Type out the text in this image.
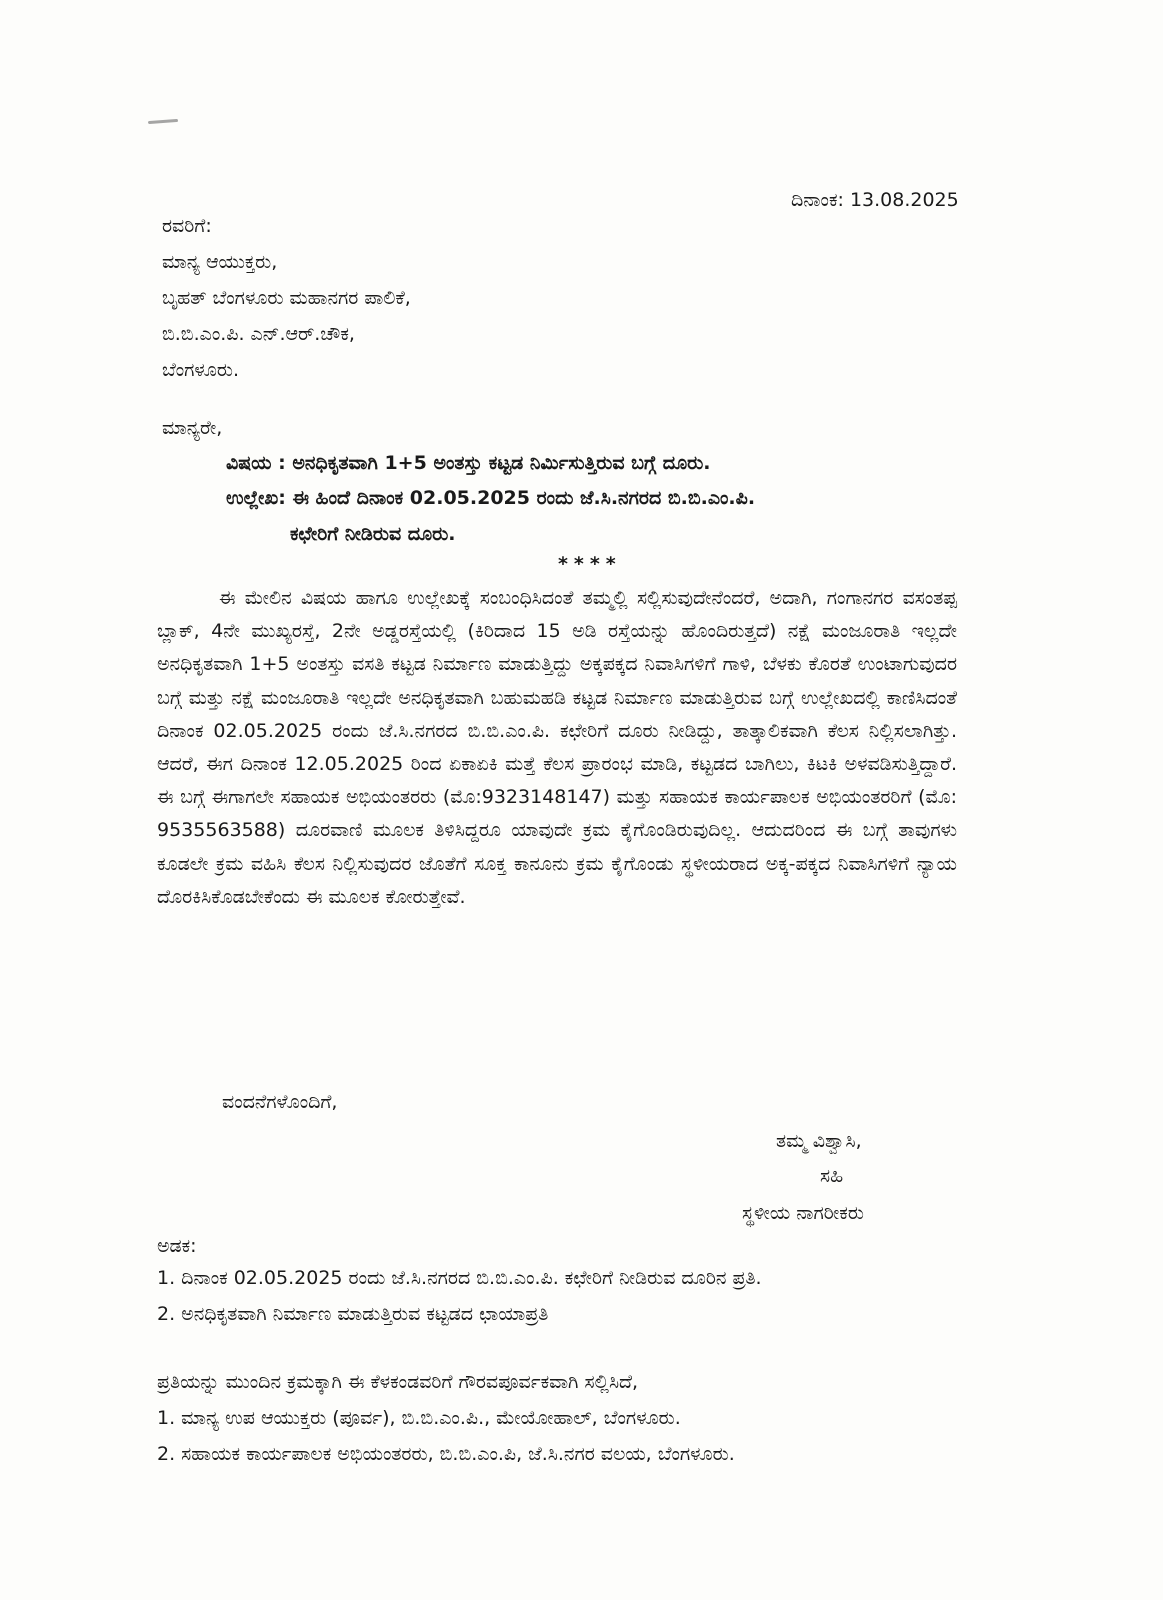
ದಿನಾಂಕ: 13.08.2025
ರವರಿಗೆ:
ಮಾನ್ಯ ಆಯುಕ್ತರು,
ಬೃಹತ್ ಬೆಂಗಳೂರು ಮಹಾನಗರ ಪಾಲಿಕೆ,
ಬಿ.ಬಿ.ಎಂ.ಪಿ. ಎನ್.ಆರ್.ಚೌಕ,
ಬೆಂಗಳೂರು.
ಮಾನ್ಯರೇ,
ವಿಷಯ : ಅನಧಿಕೃತವಾಗಿ 1+5 ಅಂತಸ್ತು ಕಟ್ಟಡ ನಿರ್ಮಿಸುತ್ತಿರುವ ಬಗ್ಗೆ ದೂರು.
ಉಲ್ಲೇಖ: ಈ ಹಿಂದೆ ದಿನಾಂಕ 02.05.2025 ರಂದು ಜೆ.ಸಿ.ನಗರದ ಬಿ.ಬಿ.ಎಂ.ಪಿ.
ಕಛೇರಿಗೆ ನೀಡಿರುವ ದೂರು.
****

ಈ ಮೇಲಿನ ವಿಷಯ ಹಾಗೂ ಉಲ್ಲೇಖಕ್ಕೆ ಸಂಬಂಧಿಸಿದಂತೆ ತಮ್ಮಲ್ಲಿ ಸಲ್ಲಿಸುವುದೇನೆಂದರೆ, ಅದಾಗಿ, ಗಂಗಾನಗರ ವಸಂತಪ್ಪ ಬ್ಲಾಕ್, 4ನೇ ಮುಖ್ಯರಸ್ತೆ, 2ನೇ ಅಡ್ಡರಸ್ತೆಯಲ್ಲಿ (ಕಿರಿದಾದ 15 ಅಡಿ ರಸ್ತೆಯನ್ನು ಹೊಂದಿರುತ್ತದೆ) ನಕ್ಷೆ ಮಂಜೂರಾತಿ ಇಲ್ಲದೇ ಅನಧಿಕೃತವಾಗಿ 1+5 ಅಂತಸ್ತು ವಸತಿ ಕಟ್ಟಡ ನಿರ್ಮಾಣ ಮಾಡುತ್ತಿದ್ದು ಅಕ್ಕಪಕ್ಕದ ನಿವಾಸಿಗಳಿಗೆ ಗಾಳಿ, ಬೆಳಕು ಕೊರತೆ ಉಂಟಾಗುವುದರ ಬಗ್ಗೆ ಮತ್ತು ನಕ್ಷೆ ಮಂಜೂರಾತಿ ಇಲ್ಲದೇ ಅನಧಿಕೃತವಾಗಿ ಬಹುಮಹಡಿ ಕಟ್ಟಡ ನಿರ್ಮಾಣ ಮಾಡುತ್ತಿರುವ ಬಗ್ಗೆ ಉಲ್ಲೇಖದಲ್ಲಿ ಕಾಣಿಸಿದಂತೆ ದಿನಾಂಕ 02.05.2025 ರಂದು ಜೆ.ಸಿ.ನಗರದ ಬಿ.ಬಿ.ಎಂ.ಪಿ. ಕಛೇರಿಗೆ ದೂರು ನೀಡಿದ್ದು, ತಾತ್ಕಾಲಿಕವಾಗಿ ಕೆಲಸ ನಿಲ್ಲಿಸಲಾಗಿತ್ತು. ಆದರೆ, ಈಗ ದಿನಾಂಕ 12.05.2025 ರಿಂದ ಏಕಾಏಕಿ ಮತ್ತೆ ಕೆಲಸ ಪ್ರಾರಂಭ ಮಾಡಿ, ಕಟ್ಟಡದ ಬಾಗಿಲು, ಕಿಟಕಿ ಅಳವಡಿಸುತ್ತಿದ್ದಾರೆ. ಈ ಬಗ್ಗೆ ಈಗಾಗಲೇ ಸಹಾಯಕ ಅಭಿಯಂತರರು (ಮೊ:9323148147) ಮತ್ತು ಸಹಾಯಕ ಕಾರ್ಯಪಾಲಕ ಅಭಿಯಂತರರಿಗೆ (ಮೊ: 9535563588) ದೂರವಾಣಿ ಮೂಲಕ ತಿಳಿಸಿದ್ದರೂ ಯಾವುದೇ ಕ್ರಮ ಕೈಗೊಂಡಿರುವುದಿಲ್ಲ. ಆದುದರಿಂದ ಈ ಬಗ್ಗೆ ತಾವುಗಳು ಕೂಡಲೇ ಕ್ರಮ ವಹಿಸಿ ಕೆಲಸ ನಿಲ್ಲಿಸುವುದರ ಜೊತೆಗೆ ಸೂಕ್ತ ಕಾನೂನು ಕ್ರಮ ಕೈಗೊಂಡು ಸ್ಥಳೀಯರಾದ ಅಕ್ಕ-ಪಕ್ಕದ ನಿವಾಸಿಗಳಿಗೆ ನ್ಯಾಯ ದೊರಕಿಸಿಕೊಡಬೇಕೆಂದು ಈ ಮೂಲಕ ಕೋರುತ್ತೇವೆ.

ವಂದನೆಗಳೊಂದಿಗೆ,
ತಮ್ಮ ವಿಶ್ವಾಸಿ,
ಸಹಿ
ಸ್ಥಳೀಯ ನಾಗರೀಕರು
ಅಡಕ:
1. ದಿನಾಂಕ 02.05.2025 ರಂದು ಜೆ.ಸಿ.ನಗರದ ಬಿ.ಬಿ.ಎಂ.ಪಿ. ಕಛೇರಿಗೆ ನೀಡಿರುವ ದೂರಿನ ಪ್ರತಿ.
2. ಅನಧಿಕೃತವಾಗಿ ನಿರ್ಮಾಣ ಮಾಡುತ್ತಿರುವ ಕಟ್ಟಡದ ಛಾಯಾಪ್ರತಿ
ಪ್ರತಿಯನ್ನು ಮುಂದಿನ ಕ್ರಮಕ್ಕಾಗಿ ಈ ಕೆಳಕಂಡವರಿಗೆ ಗೌರವಪೂರ್ವಕವಾಗಿ ಸಲ್ಲಿಸಿದೆ,
1. ಮಾನ್ಯ ಉಪ ಆಯುಕ್ತರು (ಪೂರ್ವ), ಬಿ.ಬಿ.ಎಂ.ಪಿ., ಮೇಯೋಹಾಲ್, ಬೆಂಗಳೂರು.
2. ಸಹಾಯಕ ಕಾರ್ಯಪಾಲಕ ಅಭಿಯಂತರರು, ಬಿ.ಬಿ.ಎಂ.ಪಿ, ಜೆ.ಸಿ.ನಗರ ವಲಯ, ಬೆಂಗಳೂರು.
